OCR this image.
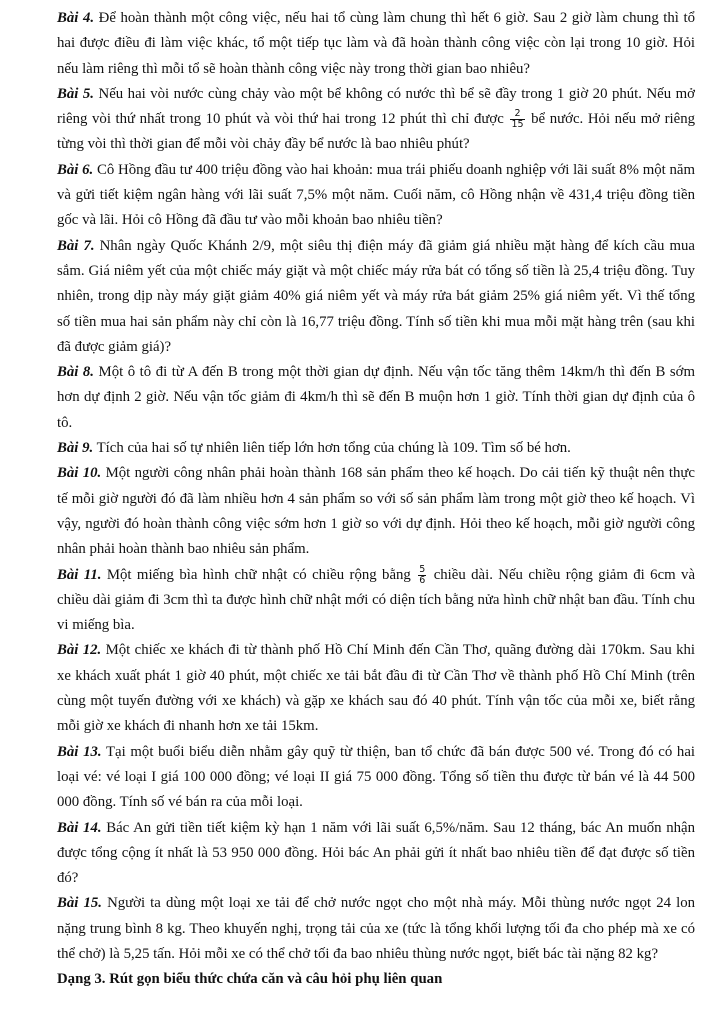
Bài 4. Để hoàn thành một công việc, nếu hai tổ cùng làm chung thì hết 6 giờ. Sau 2 giờ làm chung thì tổ hai được điều đi làm việc khác, tổ một tiếp tục làm và đã hoàn thành công việc còn lại trong 10 giờ. Hỏi nếu làm riêng thì mỗi tổ sẽ hoàn thành công việc này trong thời gian bao nhiêu?

Bài 5. Nếu hai vòi nước cùng chảy vào một bể không có nước thì bể sẽ đầy trong 1 giờ 20 phút. Nếu mở riêng vòi thứ nhất trong 10 phút và vòi thứ hai trong 12 phút thì chỉ được $\frac{2}{15}$ bể nước. Hỏi nếu mở riêng từng vòi thì thời gian để mỗi vòi chảy đầy bể nước là bao nhiêu phút?

Bài 6. Cô Hồng đầu tư 400 triệu đồng vào hai khoản: mua trái phiếu doanh nghiệp với lãi suất 8% một năm và gửi tiết kiệm ngân hàng với lãi suất 7,5% một năm. Cuối năm, cô Hồng nhận về 431,4 triệu đồng tiền gốc và lãi. Hỏi cô Hồng đã đầu tư vào mỗi khoản bao nhiêu tiền?

Bài 7. Nhân ngày Quốc Khánh 2/9, một siêu thị điện máy đã giảm giá nhiều mặt hàng để kích cầu mua sắm. Giá niêm yết của một chiếc máy giặt và một chiếc máy rửa bát có tổng số tiền là 25,4 triệu đồng. Tuy nhiên, trong dịp này máy giặt giảm 40% giá niêm yết và máy rửa bát giảm 25% giá niêm yết. Vì thế tổng số tiền mua hai sản phẩm này chỉ còn là 16,77 triệu đồng. Tính số tiền khi mua mỗi mặt hàng trên (sau khi đã được giảm giá)?

Bài 8. Một ô tô đi từ A đến B trong một thời gian dự định. Nếu vận tốc tăng thêm 14km/h thì đến B sớm hơn dự định 2 giờ. Nếu vận tốc giảm đi 4km/h thì sẽ đến B muộn hơn 1 giờ. Tính thời gian dự định của ô tô.

Bài 9. Tích của hai số tự nhiên liên tiếp lớn hơn tổng của chúng là 109. Tìm số bé hơn.

Bài 10. Một người công nhân phải hoàn thành 168 sản phẩm theo kế hoạch. Do cải tiến kỹ thuật nên thực tế mỗi giờ người đó đã làm nhiều hơn 4 sản phẩm so với số sản phẩm làm trong một giờ theo kế hoạch. Vì vậy, người đó hoàn thành công việc sớm hơn 1 giờ so với dự định. Hỏi theo kế hoạch, mỗi giờ người công nhân phải hoàn thành bao nhiêu sản phẩm.

Bài 11. Một miếng bìa hình chữ nhật có chiều rộng bằng $\frac{5}{6}$ chiều dài. Nếu chiều rộng giảm đi 6cm và chiều dài giảm đi 3cm thì ta được hình chữ nhật mới có diện tích bằng nửa hình chữ nhật ban đầu. Tính chu vi miếng bìa.

Bài 12. Một chiếc xe khách đi từ thành phố Hồ Chí Minh đến Cần Thơ, quãng đường dài 170km. Sau khi xe khách xuất phát 1 giờ 40 phút, một chiếc xe tải bắt đầu đi từ Cần Thơ về thành phố Hồ Chí Minh (trên cùng một tuyến đường với xe khách) và gặp xe khách sau đó 40 phút. Tính vận tốc của mỗi xe, biết rằng mỗi giờ xe khách đi nhanh hơn xe tải 15km.

Bài 13. Tại một buổi biểu diễn nhằm gây quỹ từ thiện, ban tổ chức đã bán được 500 vé. Trong đó có hai loại vé: vé loại I giá 100 000 đồng; vé loại II giá 75 000 đồng. Tổng số tiền thu được từ bán vé là 44 500 000 đồng. Tính số vé bán ra của mỗi loại.

Bài 14. Bác An gửi tiền tiết kiệm kỳ hạn 1 năm với lãi suất 6,5%/năm. Sau 12 tháng, bác An muốn nhận được tổng cộng ít nhất là 53 950 000 đồng. Hỏi bác An phải gửi ít nhất bao nhiêu tiền để đạt được số tiền đó?

Bài 15. Người ta dùng một loại xe tải để chở nước ngọt cho một nhà máy. Mỗi thùng nước ngọt 24 lon nặng trung bình 8 kg. Theo khuyến nghị, trọng tải của xe (tức là tổng khối lượng tối đa cho phép mà xe có thể chở) là 5,25 tấn. Hỏi mỗi xe có thể chở tối đa bao nhiêu thùng nước ngọt, biết bác tài nặng 82 kg?

Dạng 3. Rút gọn biểu thức chứa căn và câu hỏi phụ liên quan
